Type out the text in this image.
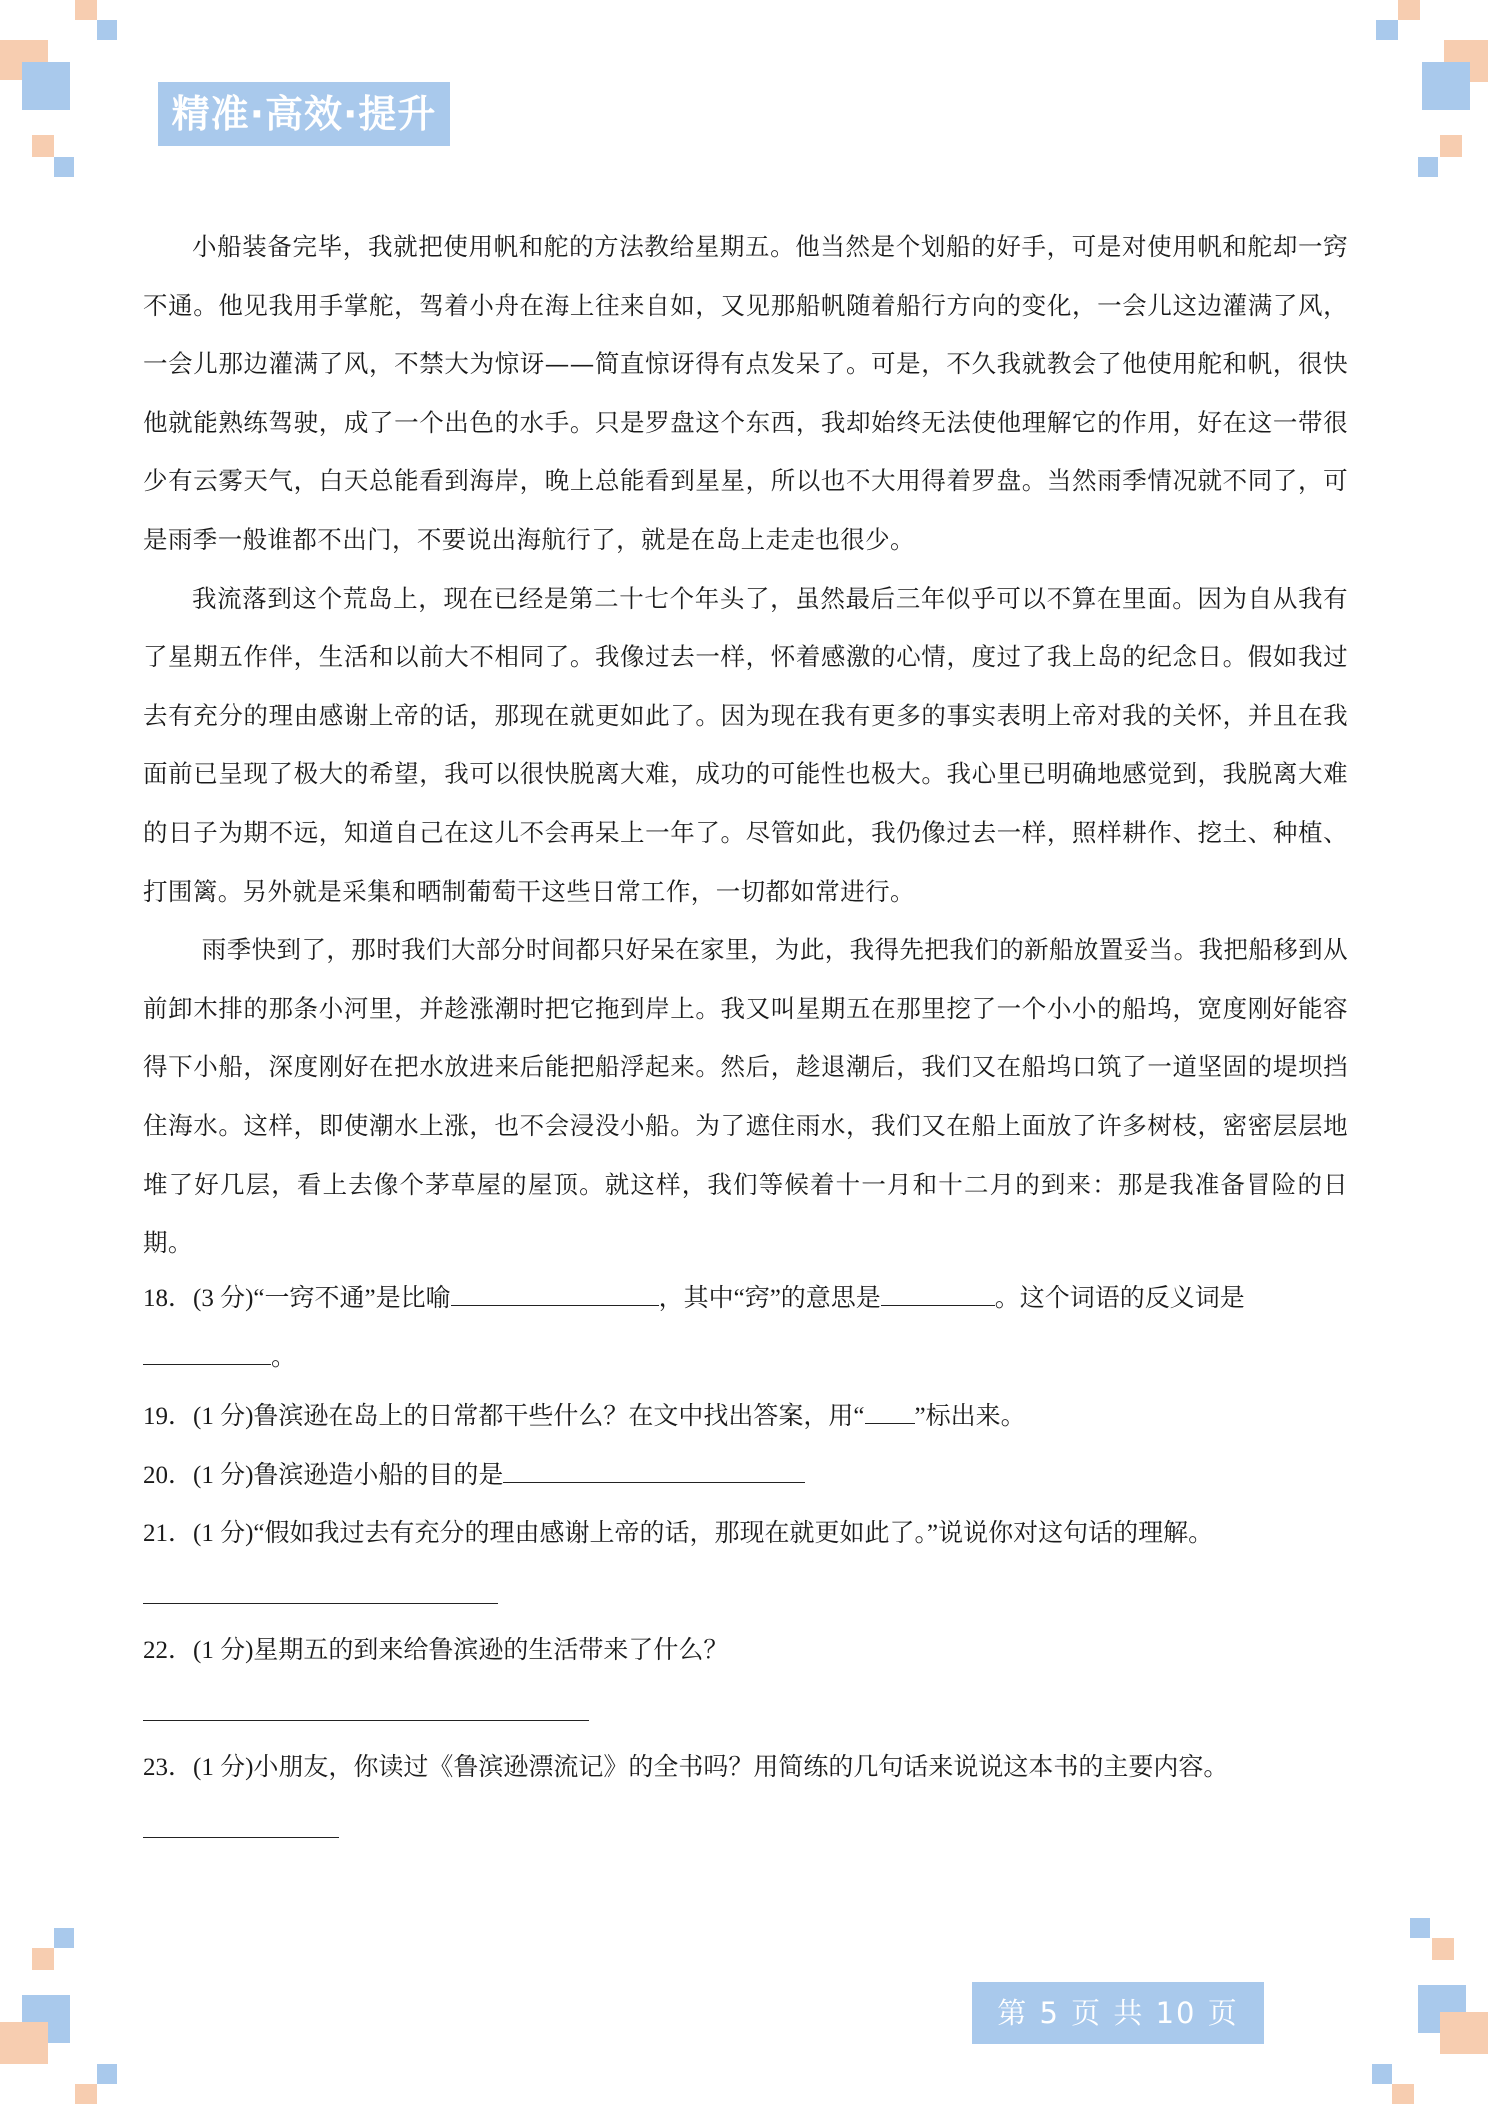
精准·高效·提升

小船装备完毕，我就把使用帆和舵的方法教给星期五。他当然是个划船的好手，可是对使用帆和舵却一窍不通。他见我用手掌舵，驾着小舟在海上往来自如，又见那船帆随着船行方向的变化，一会儿这边灌满了风，一会儿那边灌满了风，不禁大为惊讶——简直惊讶得有点发呆了。可是，不久我就教会了他使用舵和帆，很快他就能熟练驾驶，成了一个出色的水手。只是罗盘这个东西，我却始终无法使他理解它的作用，好在这一带很少有云雾天气，白天总能看到海岸，晚上总能看到星星，所以也不大用得着罗盘。当然雨季情况就不同了，可是雨季一般谁都不出门，不要说出海航行了，就是在岛上走走也很少。

我流落到这个荒岛上，现在已经是第二十七个年头了，虽然最后三年似乎可以不算在里面。因为自从我有了星期五作伴，生活和以前大不相同了。我像过去一样，怀着感激的心情，度过了我上岛的纪念日。假如我过去有充分的理由感谢上帝的话，那现在就更如此了。因为现在我有更多的事实表明上帝对我的关怀，并且在我面前已呈现了极大的希望，我可以很快脱离大难，成功的可能性也极大。我心里已明确地感觉到，我脱离大难的日子为期不远，知道自己在这儿不会再呆上一年了。尽管如此，我仍像过去一样，照样耕作、挖土、种植、打围篱。另外就是采集和晒制葡萄干这些日常工作，一切都如常进行。

雨季快到了，那时我们大部分时间都只好呆在家里，为此，我得先把我们的新船放置妥当。我把船移到从前卸木排的那条小河里，并趁涨潮时把它拖到岸上。我又叫星期五在那里挖了一个小小的船坞，宽度刚好能容得下小船，深度刚好在把水放进来后能把船浮起来。然后，趁退潮后，我们又在船坞口筑了一道坚固的堤坝挡住海水。这样，即使潮水上涨，也不会浸没小船。为了遮住雨水，我们又在船上面放了许多树枝，密密层层地堆了好几层，看上去像个茅草屋的屋顶。就这样，我们等候着十一月和十二月的到来：那是我准备冒险的日期。

18．(3 分)“一窍不通”是比喻	，其中“窍”的意思是	。这个词语的反义词是
。
19．(1 分)鲁滨逊在岛上的日常都干些什么？在文中找出答案，用“ ”标出来。
20．(1 分)鲁滨逊造小船的目的是
21．(1 分)“假如我过去有充分的理由感谢上帝的话，那现在就更如此了。”说说你对这句话的理解。
22．(1 分)星期五的到来给鲁滨逊的生活带来了什么？
23．(1 分)小朋友，你读过《鲁滨逊漂流记》的全书吗？用简练的几句话来说说这本书的主要内容。
第 5 页 共 10 页
